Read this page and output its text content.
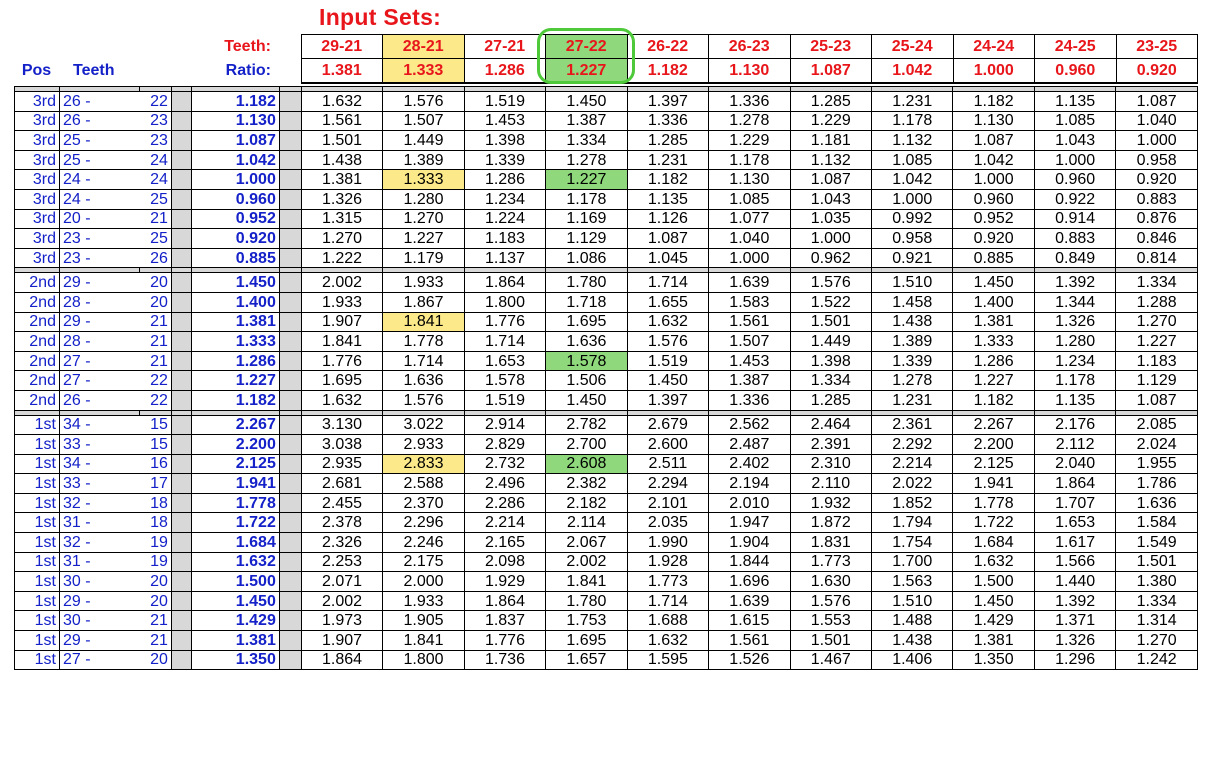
Input Sets:
			Teeth:		29-21	28-21	27-21	27-22	26-22	26-23	25-23	25-24	24-24	24-25	23-25
Pos	Teeth		Ratio:		1.381	1.333	1.286	1.227	1.182	1.130	1.087	1.042	1.000	0.960	0.920

3rd	26 -	22		1.182		1.632	1.576	1.519	1.450	1.397	1.336	1.285	1.231	1.182	1.135	1.087
3rd	26 -	23		1.130		1.561	1.507	1.453	1.387	1.336	1.278	1.229	1.178	1.130	1.085	1.040
3rd	25 -	23		1.087		1.501	1.449	1.398	1.334	1.285	1.229	1.181	1.132	1.087	1.043	1.000
3rd	25 -	24		1.042		1.438	1.389	1.339	1.278	1.231	1.178	1.132	1.085	1.042	1.000	0.958
3rd	24 -	24		1.000		1.381	1.333	1.286	1.227	1.182	1.130	1.087	1.042	1.000	0.960	0.920
3rd	24 -	25		0.960		1.326	1.280	1.234	1.178	1.135	1.085	1.043	1.000	0.960	0.922	0.883
3rd	20 -	21		0.952		1.315	1.270	1.224	1.169	1.126	1.077	1.035	0.992	0.952	0.914	0.876
3rd	23 -	25		0.920		1.270	1.227	1.183	1.129	1.087	1.040	1.000	0.958	0.920	0.883	0.846
3rd	23 -	26		0.885		1.222	1.179	1.137	1.086	1.045	1.000	0.962	0.921	0.885	0.849	0.814

2nd	29 -	20		1.450		2.002	1.933	1.864	1.780	1.714	1.639	1.576	1.510	1.450	1.392	1.334
2nd	28 -	20		1.400		1.933	1.867	1.800	1.718	1.655	1.583	1.522	1.458	1.400	1.344	1.288
2nd	29 -	21		1.381		1.907	1.841	1.776	1.695	1.632	1.561	1.501	1.438	1.381	1.326	1.270
2nd	28 -	21		1.333		1.841	1.778	1.714	1.636	1.576	1.507	1.449	1.389	1.333	1.280	1.227
2nd	27 -	21		1.286		1.776	1.714	1.653	1.578	1.519	1.453	1.398	1.339	1.286	1.234	1.183
2nd	27 -	22		1.227		1.695	1.636	1.578	1.506	1.450	1.387	1.334	1.278	1.227	1.178	1.129
2nd	26 -	22		1.182		1.632	1.576	1.519	1.450	1.397	1.336	1.285	1.231	1.182	1.135	1.087

1st	34 -	15		2.267		3.130	3.022	2.914	2.782	2.679	2.562	2.464	2.361	2.267	2.176	2.085
1st	33 -	15		2.200		3.038	2.933	2.829	2.700	2.600	2.487	2.391	2.292	2.200	2.112	2.024
1st	34 -	16		2.125		2.935	2.833	2.732	2.608	2.511	2.402	2.310	2.214	2.125	2.040	1.955
1st	33 -	17		1.941		2.681	2.588	2.496	2.382	2.294	2.194	2.110	2.022	1.941	1.864	1.786
1st	32 -	18		1.778		2.455	2.370	2.286	2.182	2.101	2.010	1.932	1.852	1.778	1.707	1.636
1st	31 -	18		1.722		2.378	2.296	2.214	2.114	2.035	1.947	1.872	1.794	1.722	1.653	1.584
1st	32 -	19		1.684		2.326	2.246	2.165	2.067	1.990	1.904	1.831	1.754	1.684	1.617	1.549
1st	31 -	19		1.632		2.253	2.175	2.098	2.002	1.928	1.844	1.773	1.700	1.632	1.566	1.501
1st	30 -	20		1.500		2.071	2.000	1.929	1.841	1.773	1.696	1.630	1.563	1.500	1.440	1.380
1st	29 -	20		1.450		2.002	1.933	1.864	1.780	1.714	1.639	1.576	1.510	1.450	1.392	1.334
1st	30 -	21		1.429		1.973	1.905	1.837	1.753	1.688	1.615	1.553	1.488	1.429	1.371	1.314
1st	29 -	21		1.381		1.907	1.841	1.776	1.695	1.632	1.561	1.501	1.438	1.381	1.326	1.270
1st	27 -	20		1.350		1.864	1.800	1.736	1.657	1.595	1.526	1.467	1.406	1.350	1.296	1.242
